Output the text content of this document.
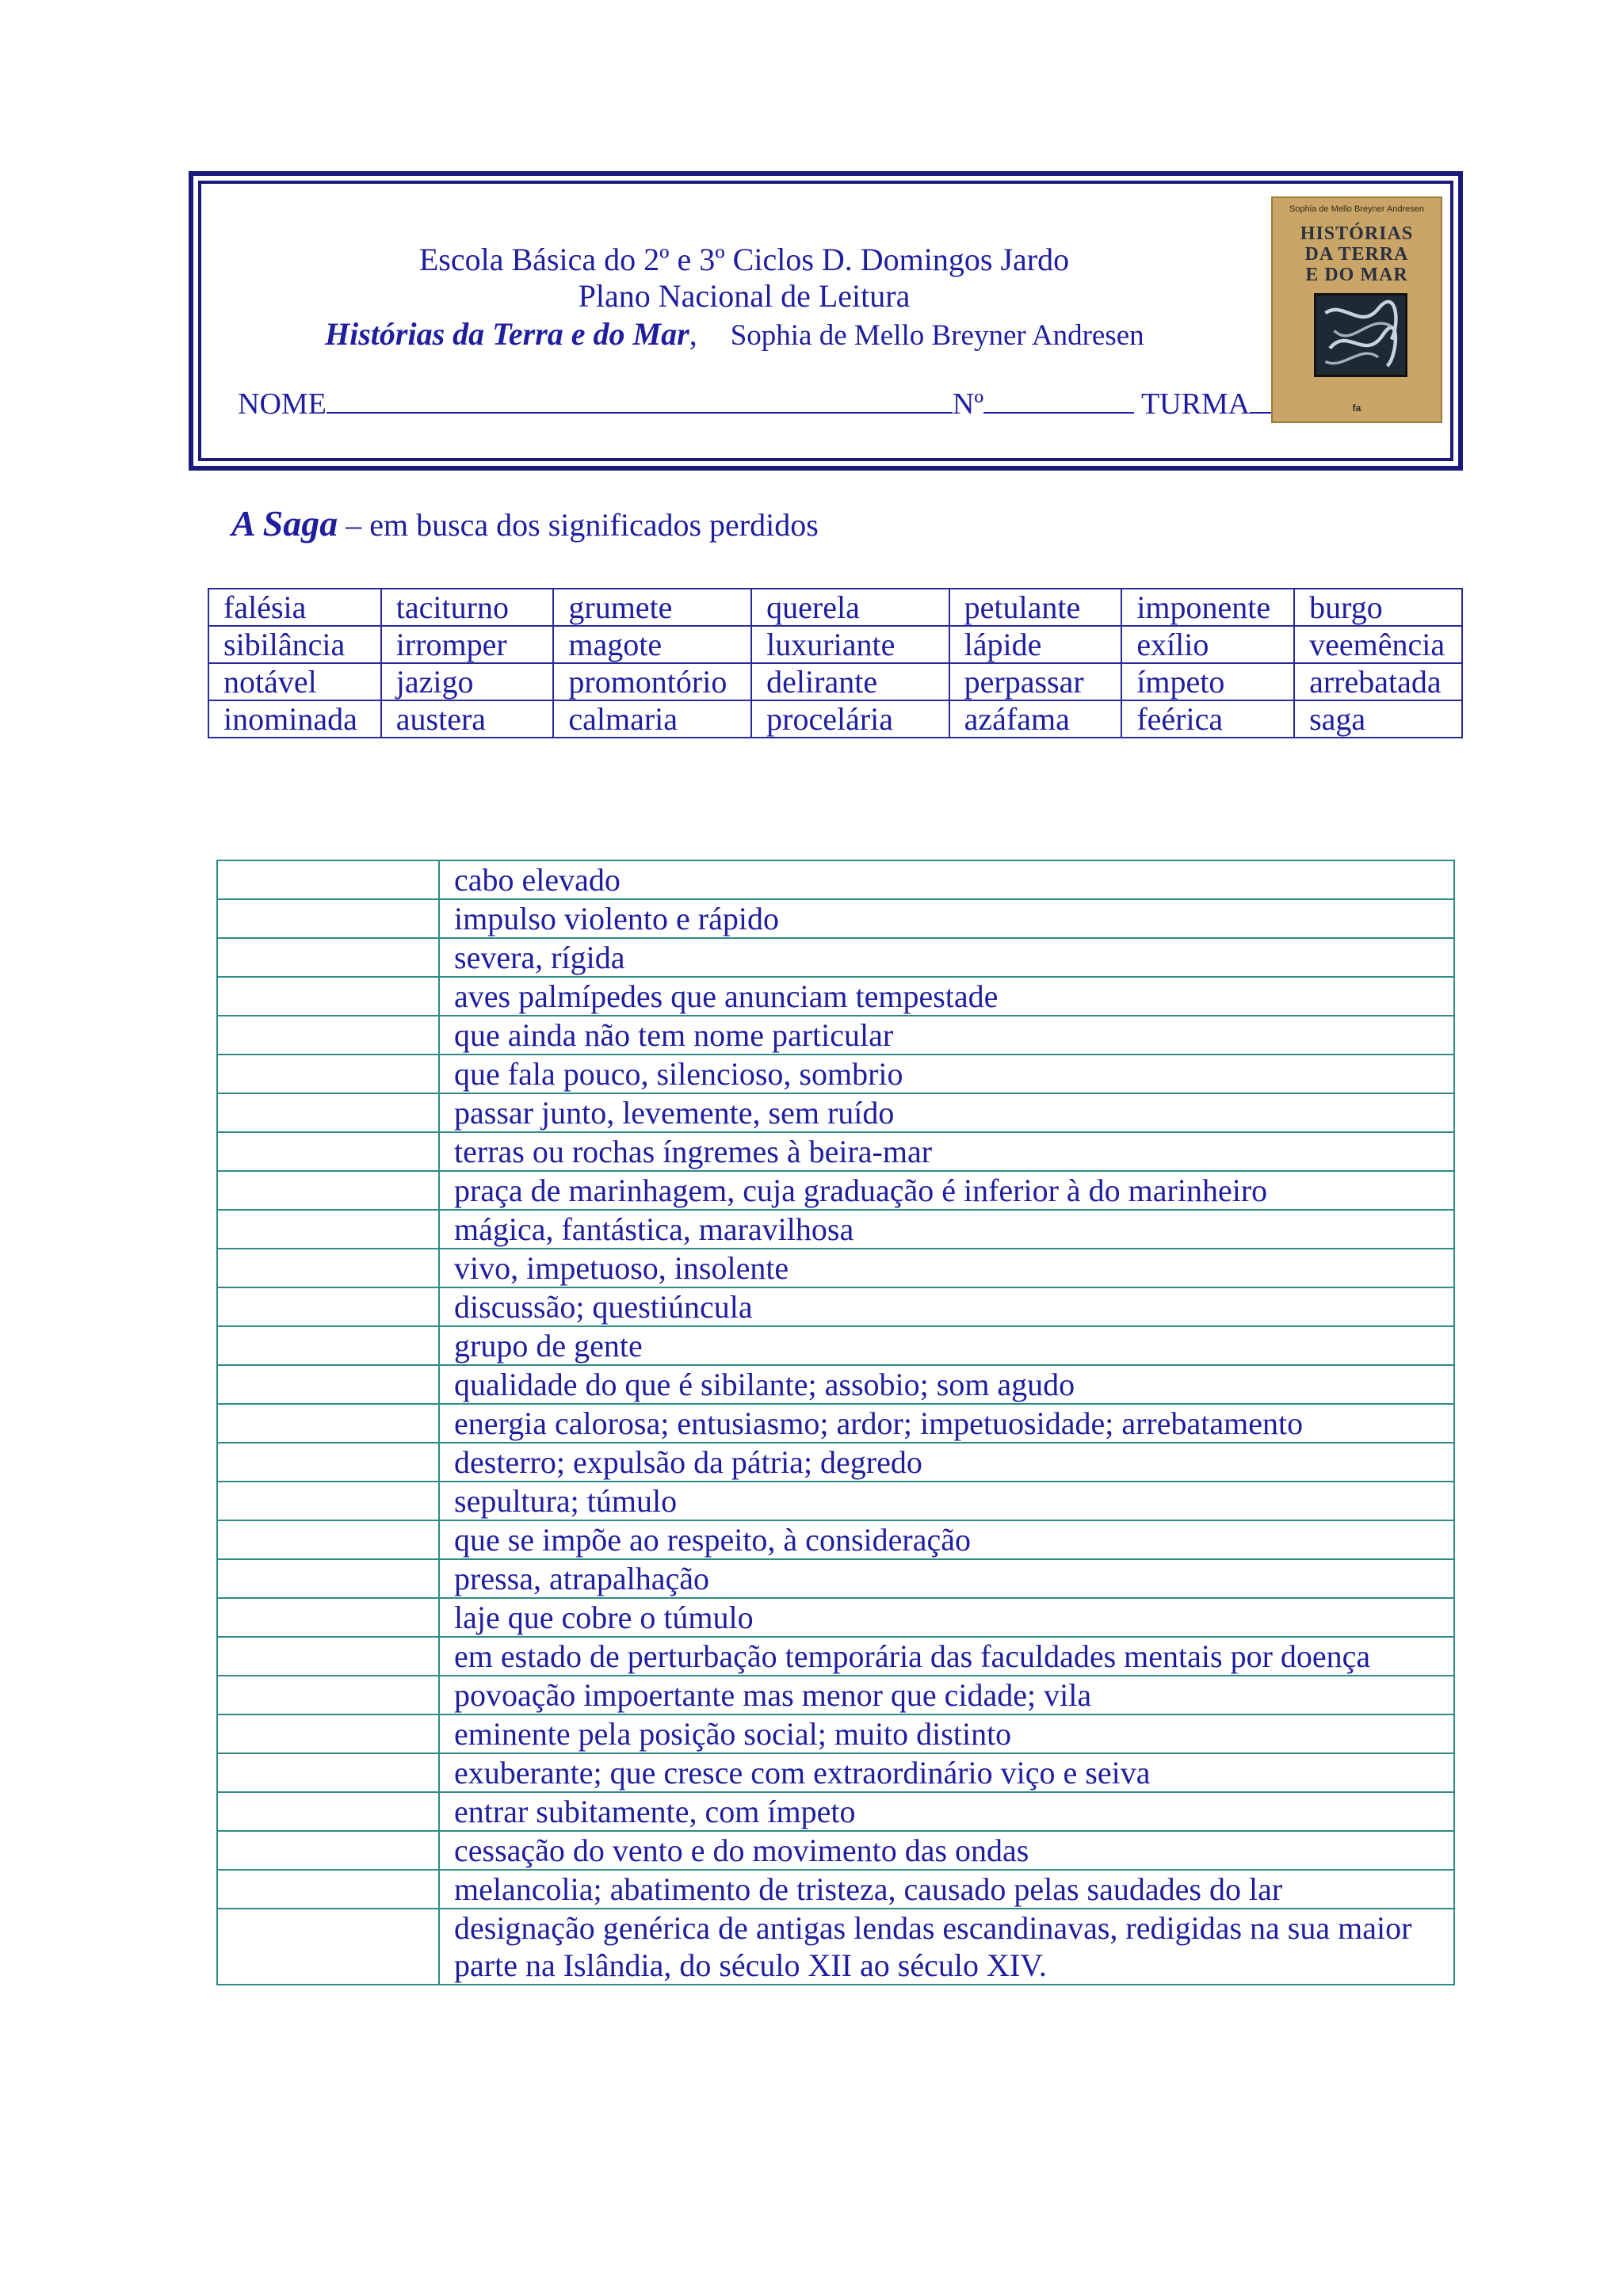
Escola Básica do 2º e 3º Ciclos D. Domingos Jardo
Plano Nacional de Leitura
Histórias da Terra e do Mar, Sophia de Mello Breyner Andresen
NOME	Nº	TURMA
Sophia de Mello Breyner Andresen
HISTÓRIAS
DA TERRA
E DO MAR
fa
A Saga – em busca dos significados perdidos
falésia	taciturno	grumete	querela	petulante	imponente	burgo
sibilância	irromper	magote	luxuriante	lápide	exílio	veemência
notável	jazigo	promontório	delirante	perpassar	ímpeto	arrebatada
inominada	austera	calmaria	procelária	azáfama	feérica	saga
	cabo elevado
	impulso violento e rápido
	severa, rígida
	aves palmípedes que anunciam tempestade
	que ainda não tem nome particular
	que fala pouco, silencioso, sombrio
	passar junto, levemente, sem ruído
	terras ou rochas íngremes à beira-mar
	praça de marinhagem, cuja graduação é inferior à do marinheiro
	mágica, fantástica, maravilhosa
	vivo, impetuoso, insolente
	discussão; questiúncula
	grupo de gente
	qualidade do que é sibilante; assobio; som agudo
	energia calorosa; entusiasmo; ardor; impetuosidade; arrebatamento
	desterro; expulsão da pátria; degredo
	sepultura; túmulo
	que se impõe ao respeito, à consideração
	pressa, atrapalhação
	laje que cobre o túmulo
	em estado de perturbação temporária das faculdades mentais por doença
	povoação impoertante mas menor que cidade; vila
	eminente pela posição social; muito distinto
	exuberante; que cresce com extraordinário viço e seiva
	entrar subitamente, com ímpeto
	cessação do vento e do movimento das ondas
	melancolia; abatimento de tristeza, causado pelas saudades do lar
	designação genérica de antigas lendas escandinavas, redigidas na sua maior parte na Islândia, do século XII ao século XIV.
